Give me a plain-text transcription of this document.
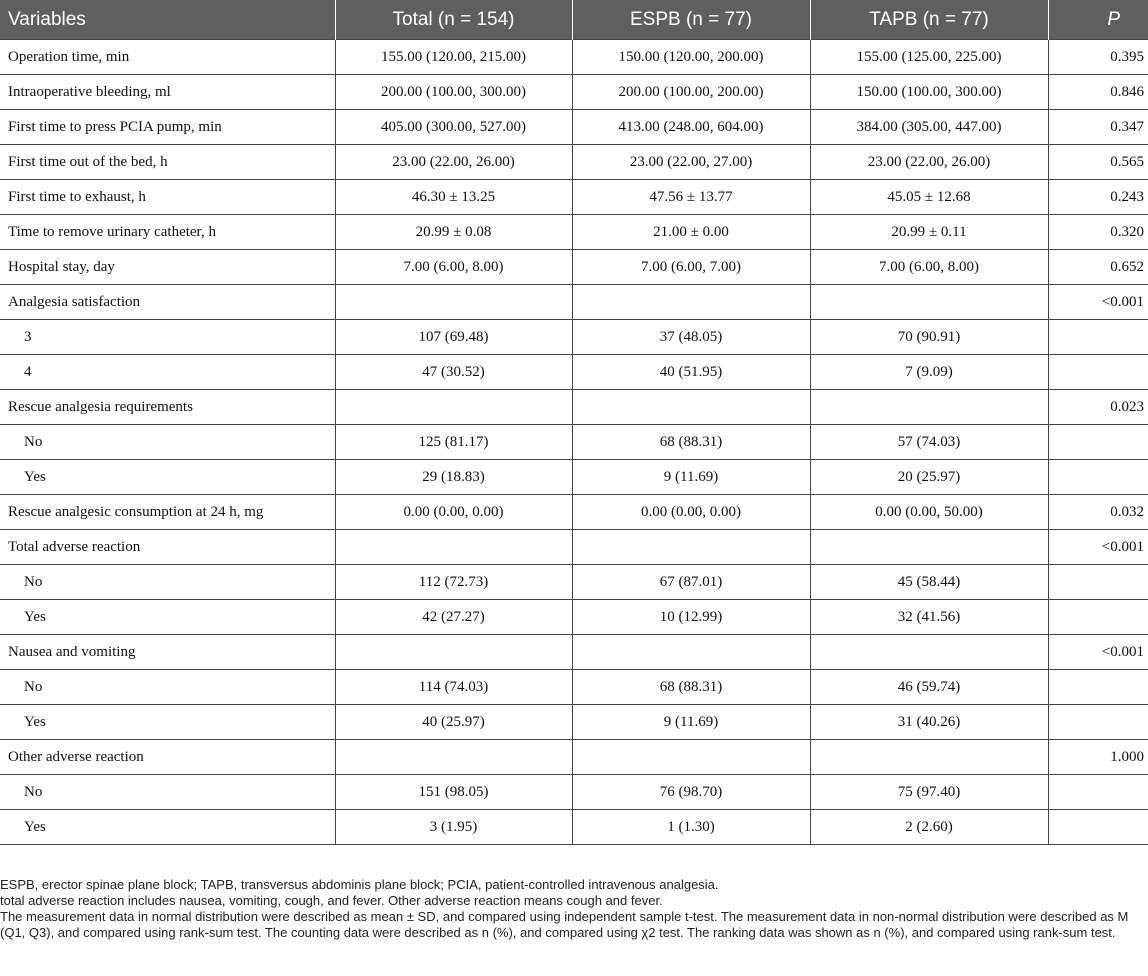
Variables	Total (n = 154)	ESPB (n = 77)	TAPB (n = 77)	P
Operation time, min	155.00 (120.00, 215.00)	150.00 (120.00, 200.00)	155.00 (125.00, 225.00)	0.395
Intraoperative bleeding, ml	200.00 (100.00, 300.00)	200.00 (100.00, 200.00)	150.00 (100.00, 300.00)	0.846
First time to press PCIA pump, min	405.00 (300.00, 527.00)	413.00 (248.00, 604.00)	384.00 (305.00, 447.00)	0.347
First time out of the bed, h	23.00 (22.00, 26.00)	23.00 (22.00, 27.00)	23.00 (22.00, 26.00)	0.565
First time to exhaust, h	46.30 ± 13.25	47.56 ± 13.77	45.05 ± 12.68	0.243
Time to remove urinary catheter, h	20.99 ± 0.08	21.00 ± 0.00	20.99 ± 0.11	0.320
Hospital stay, day	7.00 (6.00, 8.00)	7.00 (6.00, 7.00)	7.00 (6.00, 8.00)	0.652
Analgesia satisfaction				<0.001
3	107 (69.48)	37 (48.05)	70 (90.91)	
4	47 (30.52)	40 (51.95)	7 (9.09)	
Rescue analgesia requirements				0.023
No	125 (81.17)	68 (88.31)	57 (74.03)	
Yes	29 (18.83)	9 (11.69)	20 (25.97)	
Rescue analgesic consumption at 24 h, mg	0.00 (0.00, 0.00)	0.00 (0.00, 0.00)	0.00 (0.00, 50.00)	0.032
Total adverse reaction				<0.001
No	112 (72.73)	67 (87.01)	45 (58.44)	
Yes	42 (27.27)	10 (12.99)	32 (41.56)	
Nausea and vomiting				<0.001
No	114 (74.03)	68 (88.31)	46 (59.74)	
Yes	40 (25.97)	9 (11.69)	31 (40.26)	
Other adverse reaction				1.000
No	151 (98.05)	76 (98.70)	75 (97.40)	
Yes	3 (1.95)	1 (1.30)	2 (2.60)	

ESPB, erector spinae plane block; TAPB, transversus abdominis plane block; PCIA, patient-controlled intravenous analgesia.

total adverse reaction includes nausea, vomiting, cough, and fever. Other adverse reaction means cough and fever.

The measurement data in normal distribution were described as mean ± SD, and compared using independent sample t-test. The measurement data in non-normal distribution were described as M (Q1, Q3), and compared using rank-sum test. The counting data were described as n (%), and compared using χ2 test. The ranking data was shown as n (%), and compared using rank-sum test.
